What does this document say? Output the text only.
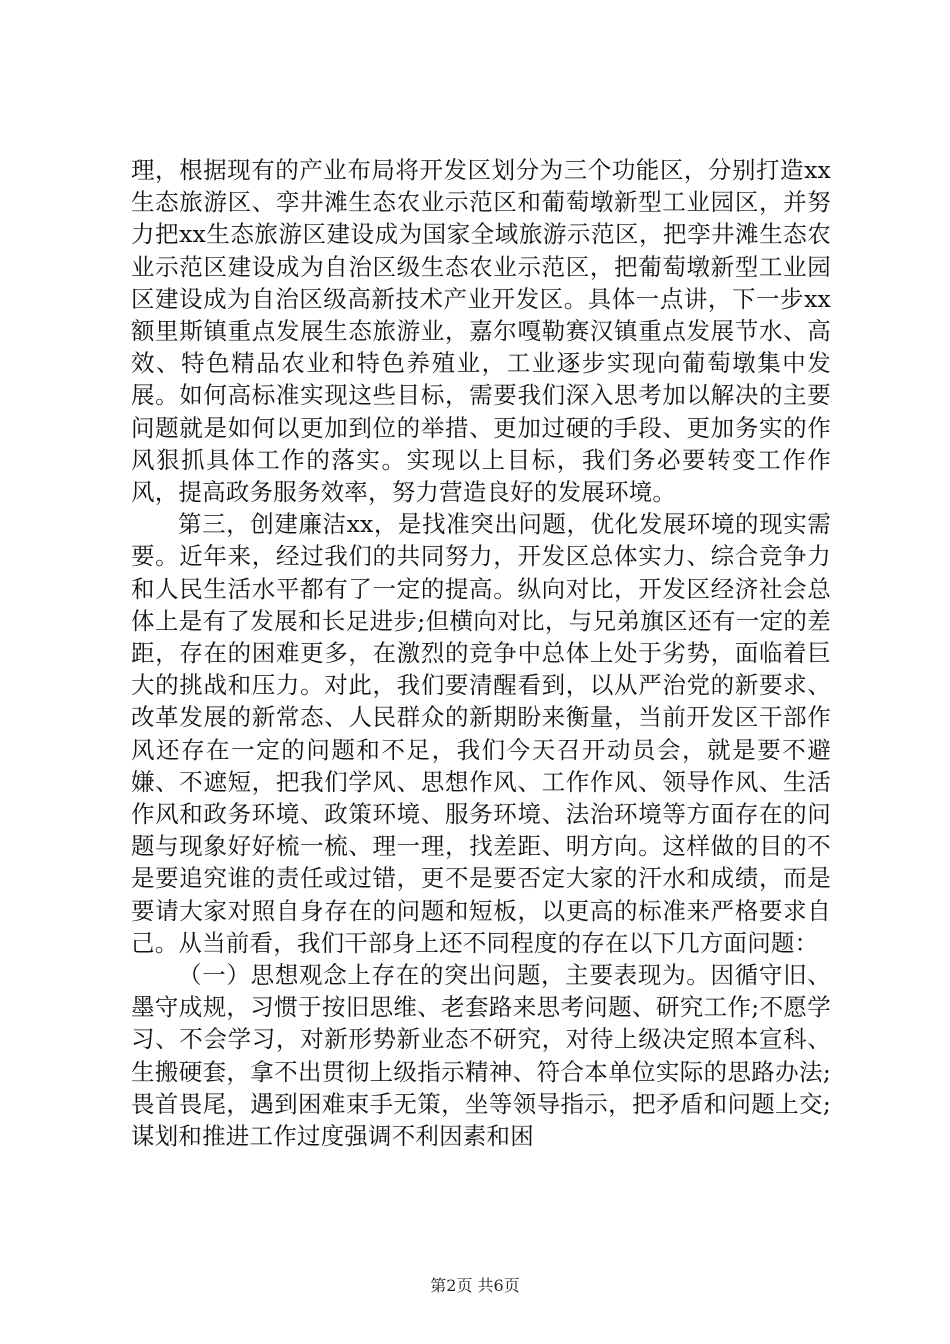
理，根据现有的产业布局将开发区划分为三个功能区，分别打造xx生态旅游区、孪井滩生态农业示范区和葡萄墩新型工业园区，并努力把xx生态旅游区建设成为国家全域旅游示范区，把孪井滩生态农业示范区建设成为自治区级生态农业示范区，把葡萄墩新型工业园区建设成为自治区级高新技术产业开发区。具体一点讲，下一步xx额里斯镇重点发展生态旅游业，嘉尔嘎勒赛汉镇重点发展节水、高效、特色精品农业和特色养殖业，工业逐步实现向葡萄墩集中发展。如何高标准实现这些目标，需要我们深入思考加以解决的主要问题就是如何以更加到位的举措、更加过硬的手段、更加务实的作风狠抓具体工作的落实。实现以上目标，我们务必要转变工作作风，提高政务服务效率，努力营造良好的发展环境。

第三，创建廉洁xx，是找准突出问题，优化发展环境的现实需要。近年来，经过我们的共同努力，开发区总体实力、综合竞争力和人民生活水平都有了一定的提高。纵向对比，开发区经济社会总体上是有了发展和长足进步;但横向对比，与兄弟旗区还有一定的差距，存在的困难更多，在激烈的竞争中总体上处于劣势，面临着巨大的挑战和压力。对此，我们要清醒看到，以从严治党的新要求、改革发展的新常态、人民群众的新期盼来衡量，当前开发区干部作风还存在一定的问题和不足，我们今天召开动员会，就是要不避嫌、不遮短，把我们学风、思想作风、工作作风、领导作风、生活作风和政务环境、政策环境、服务环境、法治环境等方面存在的问题与现象好好梳一梳、理一理，找差距、明方向。这样做的目的不是要追究谁的责任或过错，更不是要否定大家的汗水和成绩，而是要请大家对照自身存在的问题和短板，以更高的标准来严格要求自己。从当前看，我们干部身上还不同程度的存在以下几方面问题：

（一）思想观念上存在的突出问题，主要表现为。因循守旧、墨守成规，习惯于按旧思维、老套路来思考问题、研究工作;不愿学习、不会学习，对新形势新业态不研究，对待上级决定照本宣科、生搬硬套，拿不出贯彻上级指示精神、符合本单位实际的思路办法;畏首畏尾，遇到困难束手无策，坐等领导指示，把矛盾和问题上交;谋划和推进工作过度强调不利因素和困

第2页 共6页
